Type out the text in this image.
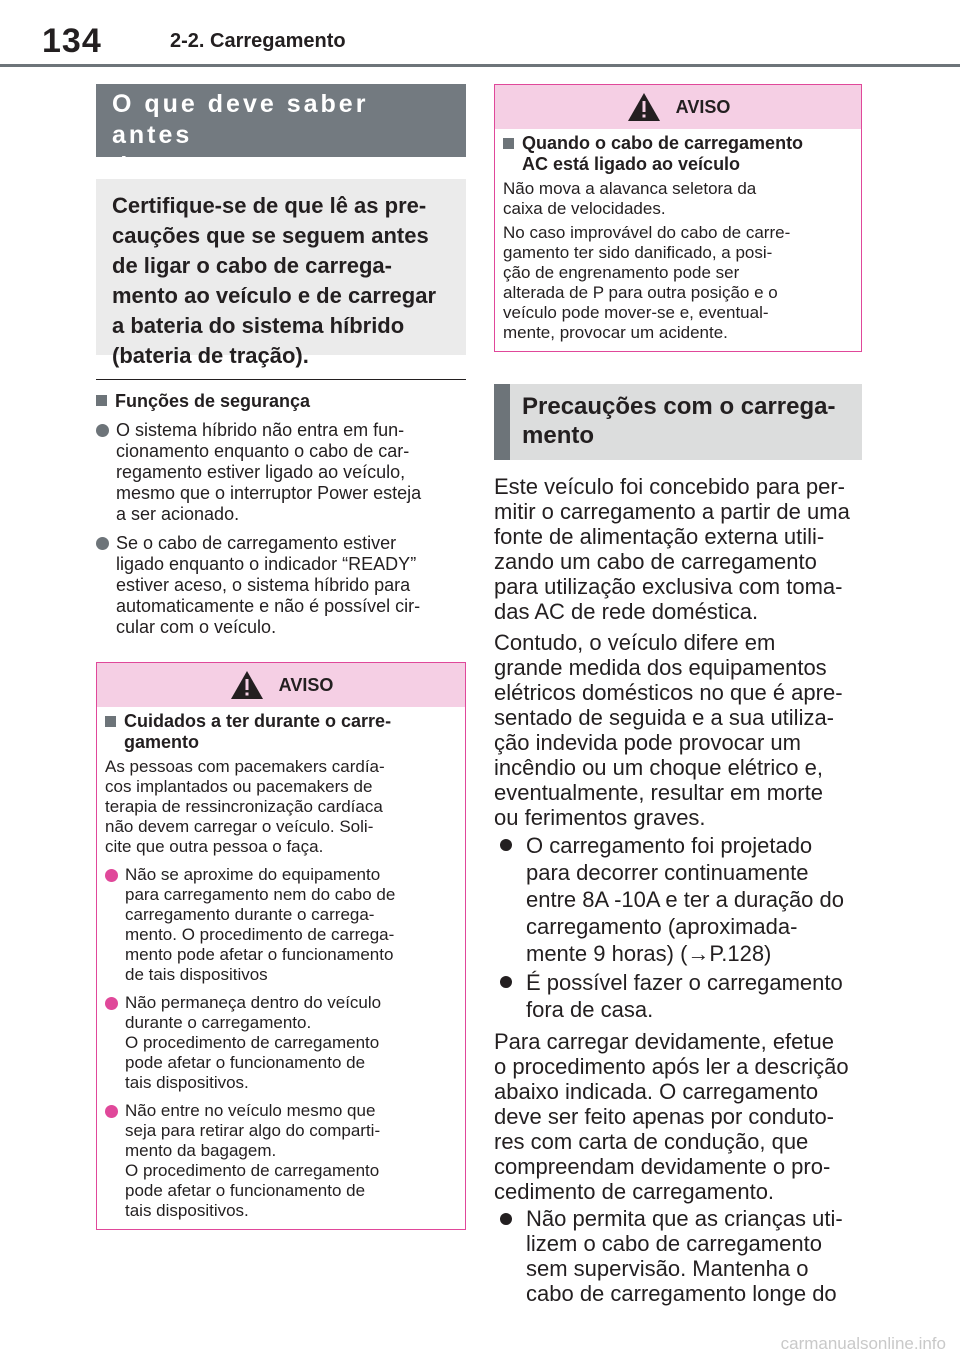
134	2-2. Carregamento
O que deve saber antes
do carregamento
Certifique-se de que lê as pre-
cauções que se seguem antes
de ligar o cabo de carrega-
mento ao veículo e de carregar
a bateria do sistema híbrido
(bateria de tração).
Funções de segurança
O sistema híbrido não entra em fun-
cionamento enquanto o cabo de car-
regamento estiver ligado ao veículo,
mesmo que o interruptor Power esteja
a ser acionado.
Se o cabo de carregamento estiver
ligado enquanto o indicador “READY”
estiver aceso, o sistema híbrido para
automaticamente e não é possível cir-
cular com o veículo.
AVISO
Cuidados a ter durante o carre-
gamento
As pessoas com pacemakers cardía-
cos implantados ou pacemakers de
terapia de ressincronização cardíaca
não devem carregar o veículo. Soli-
cite que outra pessoa o faça.
Não se aproxime do equipamento
para carregamento nem do cabo de
carregamento durante o carrega-
mento. O procedimento de carrega-
mento pode afetar o funcionamento
de tais dispositivos
Não permaneça dentro do veículo
durante o carregamento.
O procedimento de carregamento
pode afetar o funcionamento de
tais dispositivos.
Não entre no veículo mesmo que
seja para retirar algo do comparti-
mento da bagagem.
O procedimento de carregamento
pode afetar o funcionamento de
tais dispositivos.
AVISO
Quando o cabo de carregamento
AC está ligado ao veículo
Não mova a alavanca seletora da
caixa de velocidades.
No caso improvável do cabo de carre-
gamento ter sido danificado, a posi-
ção de engrenamento pode ser
alterada de P para outra posição e o
veículo pode mover-se e, eventual-
mente, provocar um acidente.
Precauções com o carrega-
mento
Este veículo foi concebido para per-
mitir o carregamento a partir de uma
fonte de alimentação externa utili-
zando um cabo de carregamento
para utilização exclusiva com toma-
das AC de rede doméstica.
Contudo, o veículo difere em
grande medida dos equipamentos
elétricos domésticos no que é apre-
sentado de seguida e a sua utiliza-
ção indevida pode provocar um
incêndio ou um choque elétrico e,
eventualmente, resultar em morte
ou ferimentos graves.
O carregamento foi projetado
para decorrer continuamente
entre 8A -10A e ter a duração do
carregamento (aproximada-
mente 9 horas) (→P.128)
É possível fazer o carregamento
fora de casa.
Para carregar devidamente, efetue
o procedimento após ler a descrição
abaixo indicada. O carregamento
deve ser feito apenas por conduto-
res com carta de condução, que
compreendam devidamente o pro-
cedimento de carregamento.
Não permita que as crianças uti-
lizem o cabo de carregamento
sem supervisão. Mantenha o
cabo de carregamento longe do
carmanualsonline.info
